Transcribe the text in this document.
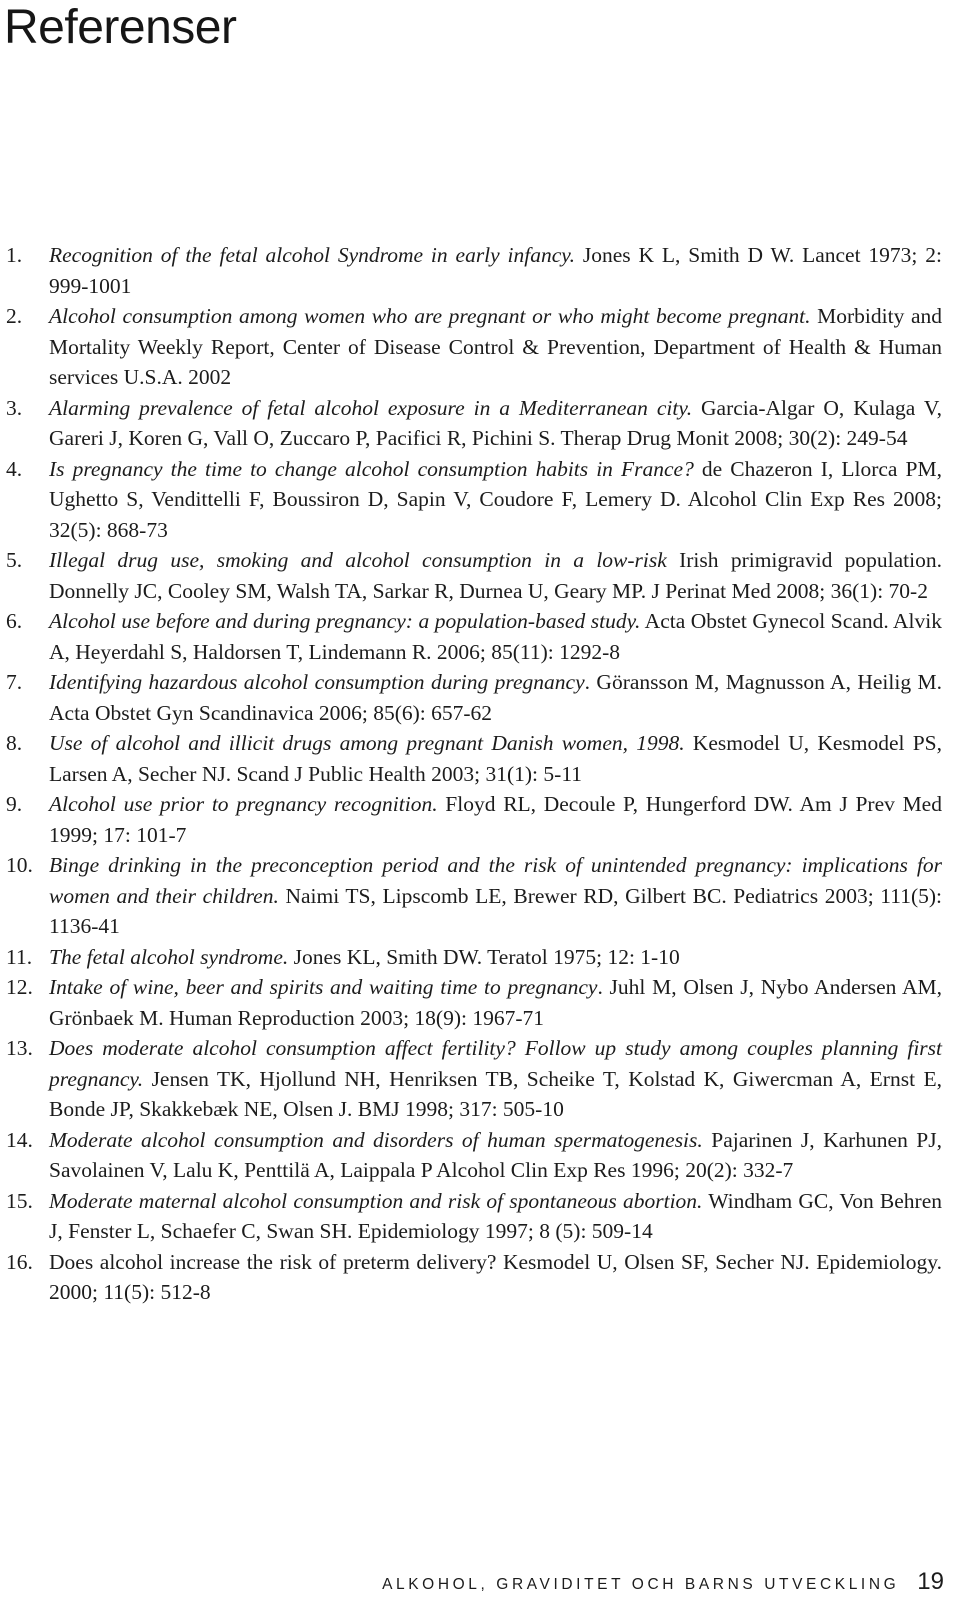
Referenser
1. Recognition of the fetal alcohol Syndrome in early infancy. Jones K L, Smith D W. Lancet 1973; 2: 999-1001
2. Alcohol consumption among women who are pregnant or who might become pregnant. Morbidity and Mortality Weekly Report, Center of Disease Control & Prevention, Department of Health & Human services U.S.A. 2002
3. Alarming prevalence of fetal alcohol exposure in a Mediterranean city. Garcia-Algar O, Kulaga V, Gareri J, Koren G, Vall O, Zuccaro P, Pacifici R, Pichini S. Therap Drug Monit 2008; 30(2): 249-54
4. Is pregnancy the time to change alcohol consumption habits in France? de Chazeron I, Llorca PM, Ughetto S, Vendittelli F, Boussiron D, Sapin V, Coudore F, Lemery D. Alcohol Clin Exp Res 2008; 32(5): 868-73
5. Illegal drug use, smoking and alcohol consumption in a low-risk Irish primigravid population. Donnelly JC, Cooley SM, Walsh TA, Sarkar R, Durnea U, Geary MP. J Perinat Med 2008; 36(1): 70-2
6. Alcohol use before and during pregnancy: a population-based study. Acta Obstet Gynecol Scand. Alvik A, Heyerdahl S, Haldorsen T, Lindemann R. 2006; 85(11): 1292-8
7. Identifying hazardous alcohol consumption during pregnancy. Göransson M, Magnusson A, Heilig M. Acta Obstet Gyn Scandinavica 2006; 85(6): 657-62
8. Use of alcohol and illicit drugs among pregnant Danish women, 1998. Kesmodel U, Kesmodel PS, Larsen A, Secher NJ. Scand J Public Health 2003; 31(1): 5-11
9. Alcohol use prior to pregnancy recognition. Floyd RL, Decoule P, Hungerford DW. Am J Prev Med 1999; 17: 101-7
10. Binge drinking in the preconception period and the risk of unintended pregnancy: implications for women and their children. Naimi TS, Lipscomb LE, Brewer RD, Gilbert BC. Pediatrics 2003; 111(5): 1136-41
11. The fetal alcohol syndrome. Jones KL, Smith DW. Teratol 1975; 12: 1-10
12. Intake of wine, beer and spirits and waiting time to pregnancy. Juhl M, Olsen J, Nybo Andersen AM, Grönbaek M. Human Reproduction 2003; 18(9): 1967-71
13. Does moderate alcohol consumption affect fertility? Follow up study among couples planning first pregnancy. Jensen TK, Hjollund NH, Henriksen TB, Scheike T, Kolstad K, Giwercman A, Ernst E, Bonde JP, Skakkebæk NE, Olsen J. BMJ 1998; 317: 505-10
14. Moderate alcohol consumption and disorders of human spermatogenesis. Pajarinen J, Karhunen PJ, Savolainen V, Lalu K, Penttilä A, Laippala P Alcohol Clin Exp Res 1996; 20(2): 332-7
15. Moderate maternal alcohol consumption and risk of spontaneous abortion. Windham GC, Von Behren J, Fenster L, Schaefer C, Swan SH. Epidemiology 1997; 8 (5): 509-14
16. Does alcohol increase the risk of preterm delivery? Kesmodel U, Olsen SF, Secher NJ. Epidemiology. 2000; 11(5): 512-8
ALKOHOL, GRAVIDITET OCH BARNS UTVECKLING 19
